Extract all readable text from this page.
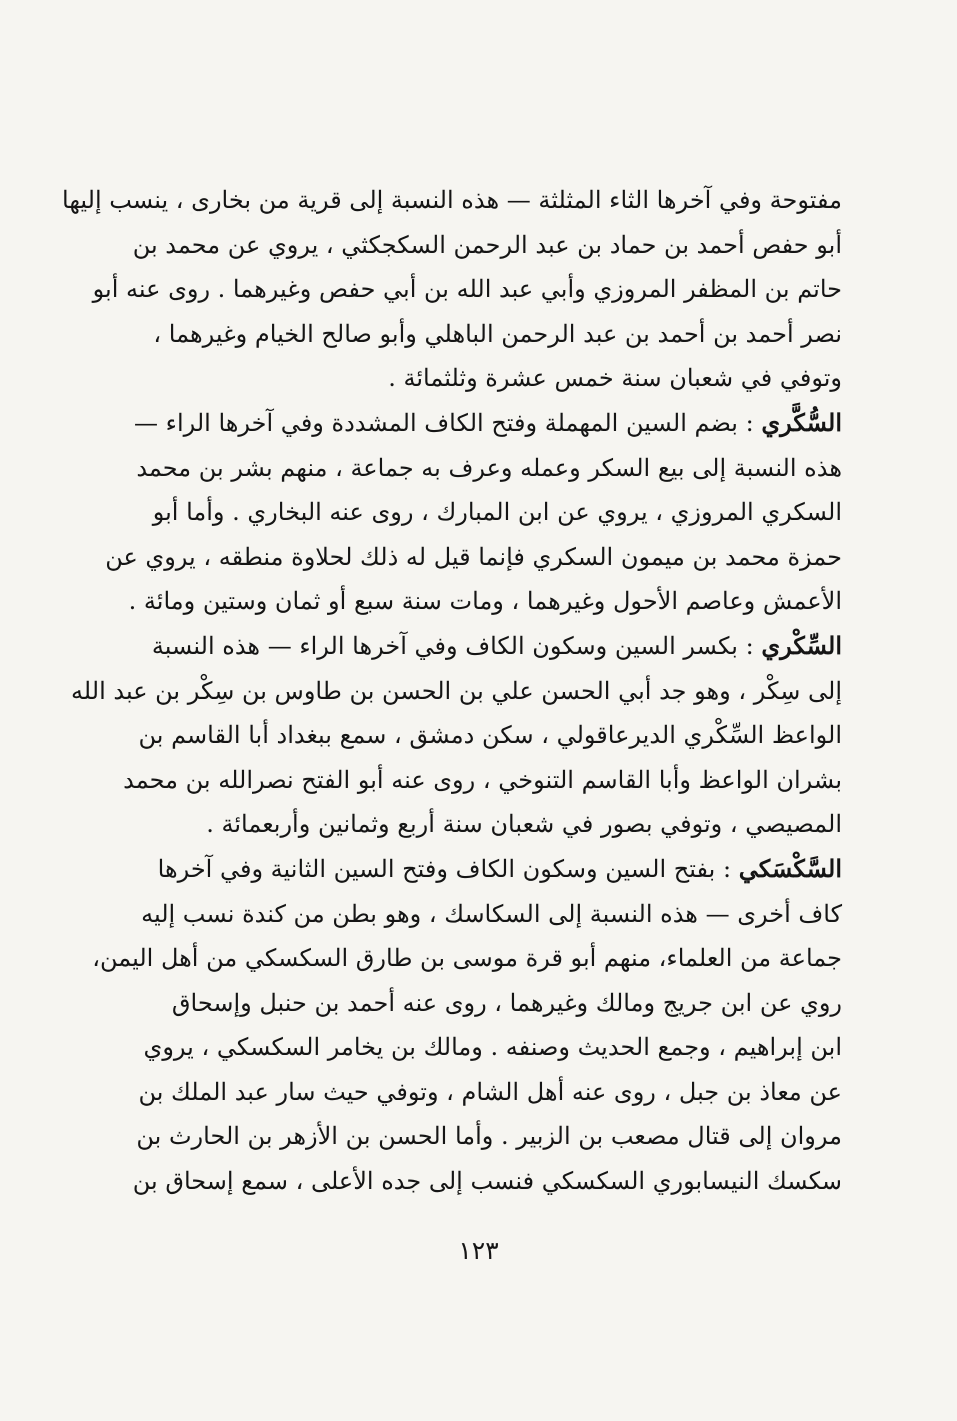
مفتوحة وفي آخرها الثاء المثلثة — هذه النسبة إلى قرية من بخارى ، ينسب إليها
أبو حفص أحمد بن حماد بن عبد الرحمن السكجكثي ، يروي عن محمد بن
حاتم بن المظفر المروزي وأبي عبد الله بن أبي حفص وغيرهما . روى عنه أبو
نصر أحمد بن أحمد بن عبد الرحمن الباهلي وأبو صالح الخيام وغيرهما ،
وتوفي في شعبان سنة خمس عشرة وثلثمائة .
السُّكَّري : بضم السين المهملة وفتح الكاف المشددة وفي آخرها الراء —
هذه النسبة إلى بيع السكر وعمله وعرف به جماعة ، منهم بشر بن محمد
السكري المروزي ، يروي عن ابن المبارك ، روى عنه البخاري . وأما أبو
حمزة محمد بن ميمون السكري فإنما قيل له ذلك لحلاوة منطقه ، يروي عن
الأعمش وعاصم الأحول وغيرهما ، ومات سنة سبع أو ثمان وستين ومائة .
السِّكْري : بكسر السين وسكون الكاف وفي آخرها الراء — هذه النسبة
إلى سِكْر ، وهو جد أبي الحسن علي بن الحسن بن طاوس بن سِكْر بن عبد الله
الواعظ السِّكْري الديرعاقولي ، سكن دمشق ، سمع ببغداد أبا القاسم بن
بشران الواعظ وأبا القاسم التنوخي ، روى عنه أبو الفتح نصرالله بن محمد
المصيصي ، وتوفي بصور في شعبان سنة أربع وثمانين وأربعمائة .
السَّكْسَكي : بفتح السين وسكون الكاف وفتح السين الثانية وفي آخرها
كاف أخرى — هذه النسبة إلى السكاسك ، وهو بطن من كندة نسب إليه
جماعة من العلماء، منهم أبو قرة موسى بن طارق السكسكي من أهل اليمن،
روي عن ابن جريج ومالك وغيرهما ، روى عنه أحمد بن حنبل وإسحاق
ابن إبراهيم ، وجمع الحديث وصنفه . ومالك بن يخامر السكسكي ، يروي
عن معاذ بن جبل ، روى عنه أهل الشام ، وتوفي حيث سار عبد الملك بن
مروان إلى قتال مصعب بن الزبير . وأما الحسن بن الأزهر بن الحارث بن
سكسك النيسابوري السكسكي فنسب إلى جده الأعلى ، سمع إسحاق بن
١٢٣
